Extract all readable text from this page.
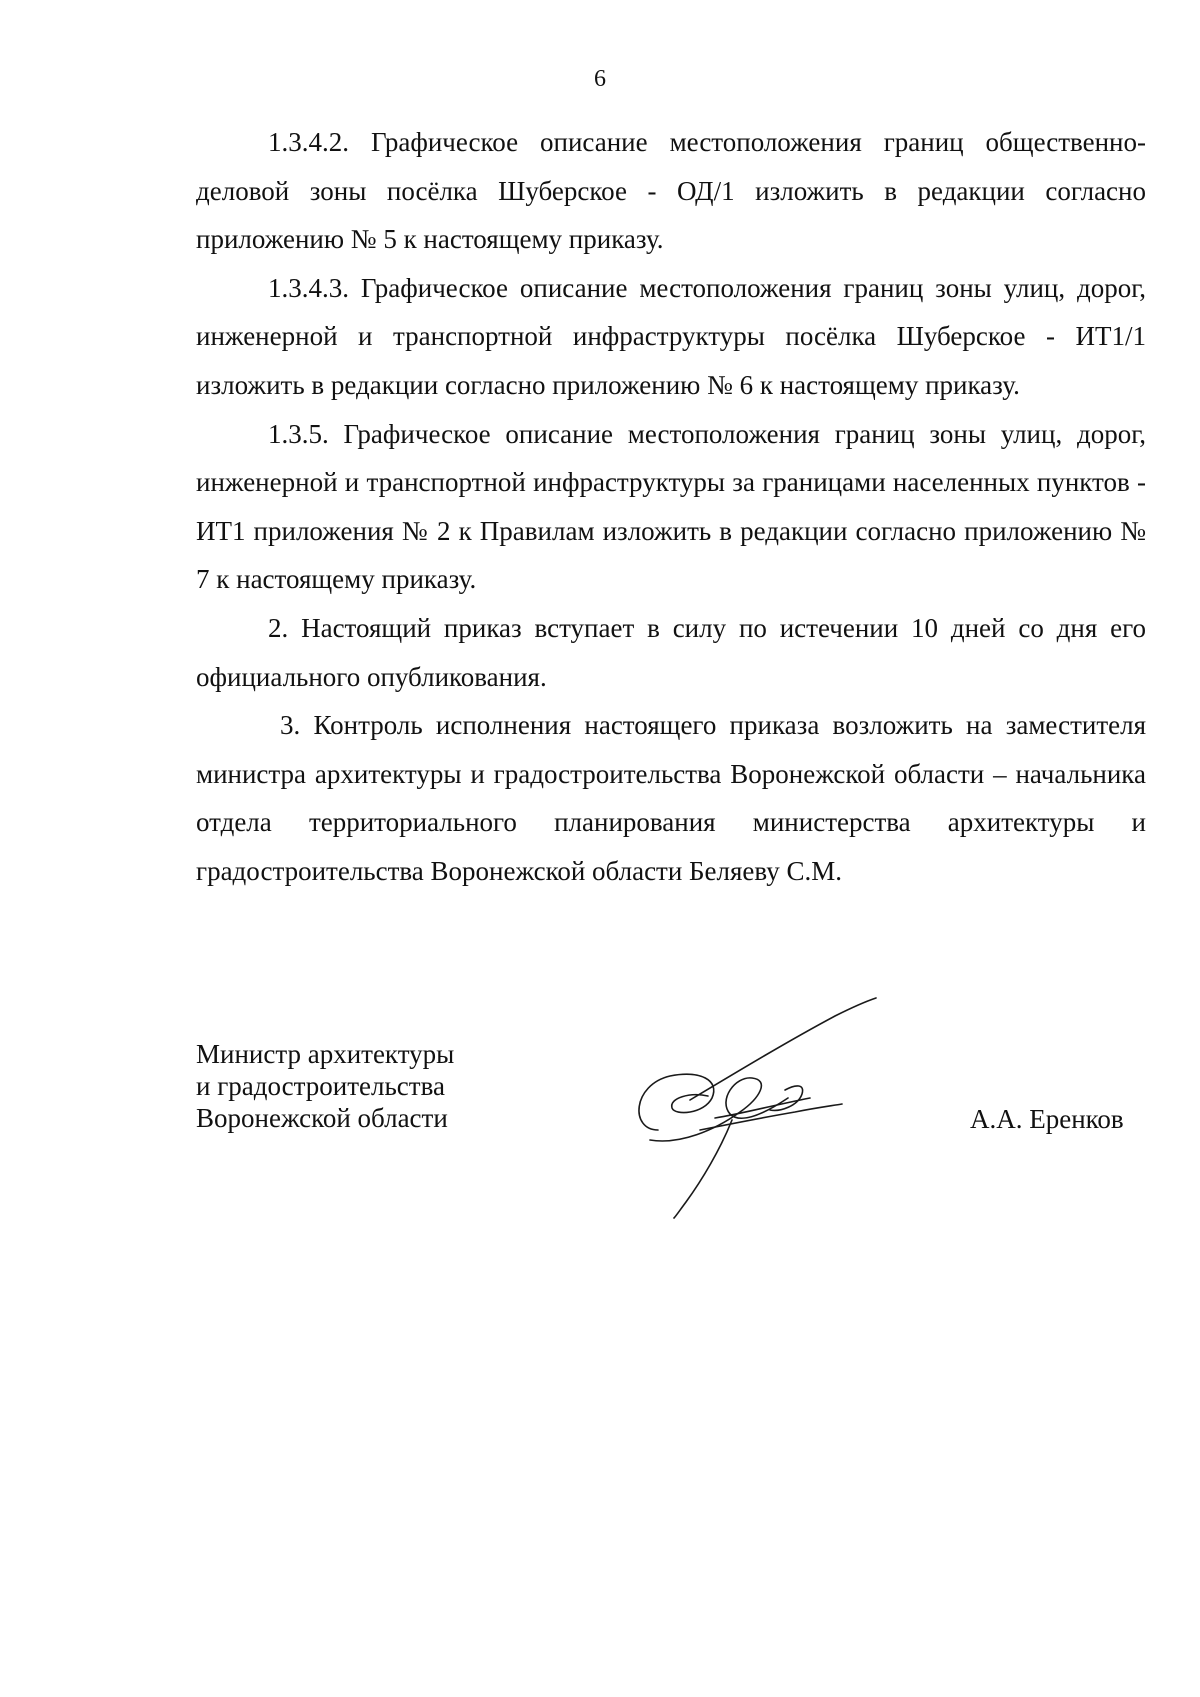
6

1.3.4.2. Графическое описание местоположения границ общественно-деловой зоны посёлка Шуберское - ОД/1 изложить в редакции согласно приложению № 5 к настоящему приказу.

1.3.4.3. Графическое описание местоположения границ зоны улиц, дорог, инженерной и транспортной инфраструктуры посёлка Шуберское - ИТ1/1 изложить в редакции согласно приложению № 6 к настоящему приказу.

1.3.5. Графическое описание местоположения границ зоны улиц, дорог, инженерной и транспортной инфраструктуры за границами населенных пунктов - ИТ1 приложения № 2 к Правилам изложить в редакции согласно приложению № 7 к настоящему приказу.

2. Настоящий приказ вступает в силу по истечении 10 дней со дня его официального опубликования.

3. Контроль исполнения настоящего приказа возложить на заместителя министра архитектуры и градостроительства Воронежской области – начальника отдела территориального планирования министерства архитектуры и градостроительства Воронежской области Беляеву С.М.

Министр архитектуры
и градостроительства
Воронежской области	А.А. Еренков
